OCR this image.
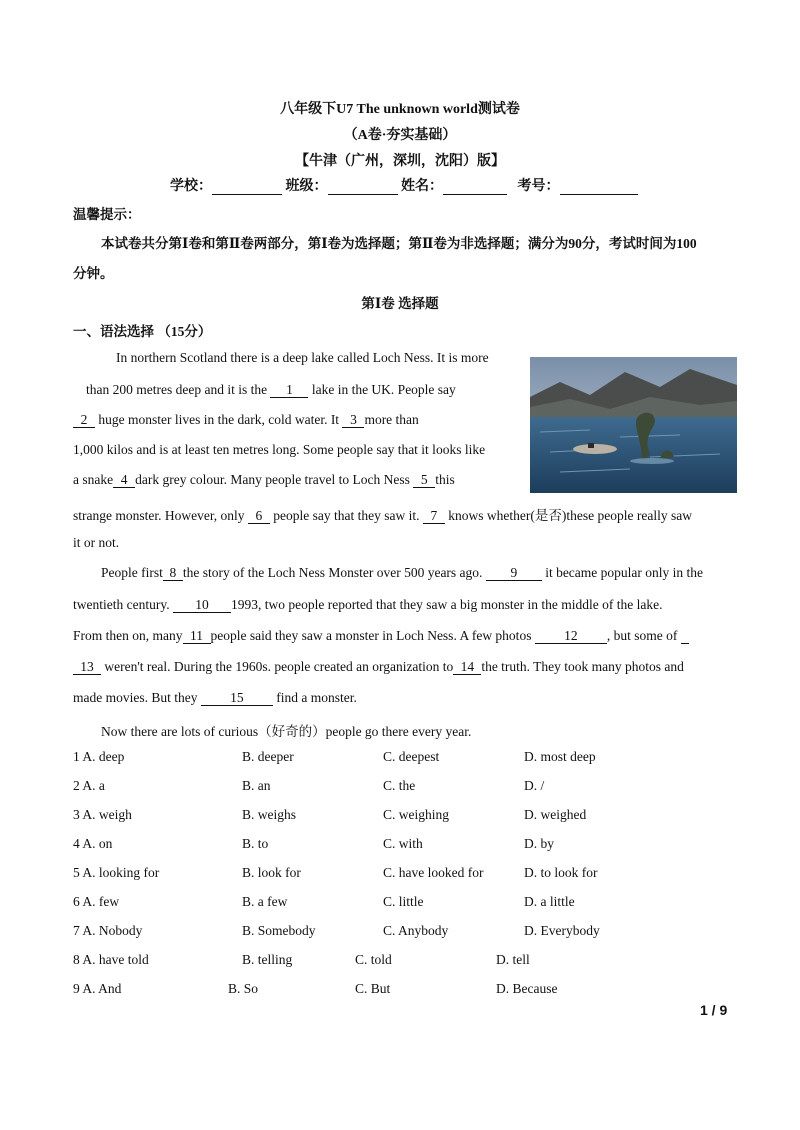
八年级下U7 The unknown world测试卷
（A卷·夯实基础）
【牛津（广州，深圳，沈阳）版】
学校：	班级：	姓名：	考号：
温馨提示：
本试卷共分第Ⅰ卷和第Ⅱ卷两部分，第Ⅰ卷为选择题；第Ⅱ卷为非选择题；满分为90分，考试时间为100
分钟。
第Ⅰ卷 选择题
一、语法选择 （15分）
In northern Scotland there is a deep lake called Loch Ness. It is more
than 200 metres deep and it is the 1 lake in the UK. People say
2 huge monster lives in the dark, cold water. It 3 more than
1,000 kilos and is at least ten metres long. Some people say that it looks like
a snake 4 dark grey colour. Many people travel to Loch Ness 5 this
strange monster. However, only 6 people say that they saw it. 7 knows whether(是否)these people really saw
it or not.
People first 8 the story of the Loch Ness Monster over 500 years ago. 9 it became popular only in the
twentieth century. 10 1993, two people reported that they saw a big monster in the middle of the lake.
From then on, many 11 people said they saw a monster in Loch Ness. A few photos 12 , but some of
13 weren't real. During the 1960s. people created an organization to 14 the truth. They took many photos and
made movies. But they 15 find a monster.
Now there are lots of curious（好奇的）people go there every year.
1 A. deep	B. deeper	C. deepest	D. most deep
2 A. a	B. an	C. the	D. /
3 A. weigh	B. weighs	C. weighing	D. weighed
4 A. on	B. to	C. with	D. by
5 A. looking for	B. look for	C. have looked for	D. to look for
6 A. few	B. a few	C. little	D. a little
7 A. Nobody	B. Somebody	C. Anybody	D. Everybody
8 A. have told	B. telling	C. told	D. tell
9 A. And	B. So	C. But	D. Because
1 / 9
